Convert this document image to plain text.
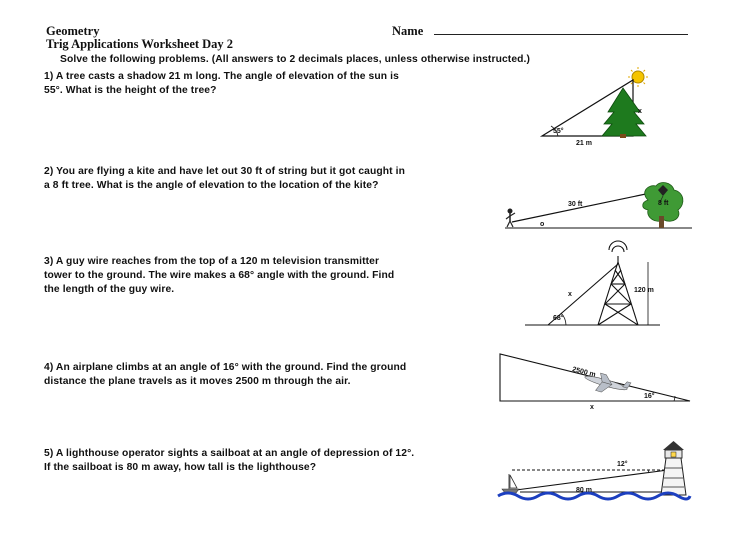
Geometry
Trig Applications Worksheet Day 2
Name
Solve the following problems. (All answers to 2 decimals places, unless otherwise instructed.)
1) A tree casts a shadow 21 m long. The angle of elevation of the sun is
55°. What is the height of the tree?
55°
21 m
x
2) You are flying a kite and have let out 30 ft of string but it got caught in
a 8 ft tree. What is the angle of elevation to the location of the kite?
30 ft	8 ft
o
3) A guy wire reaches from the top of a 120 m television transmitter
tower to the ground. The wire makes a 68° angle with the ground. Find
the length of the guy wire.
68°
120 m
x
4) An airplane climbs at an angle of 16° with the ground. Find the ground
distance the plane travels as it moves 2500 m through the air.
2500 m
16°
x
5) A lighthouse operator sights a sailboat at an angle of depression of 12°.
If the sailboat is 80 m away, how tall is the lighthouse?	12°
80 m
